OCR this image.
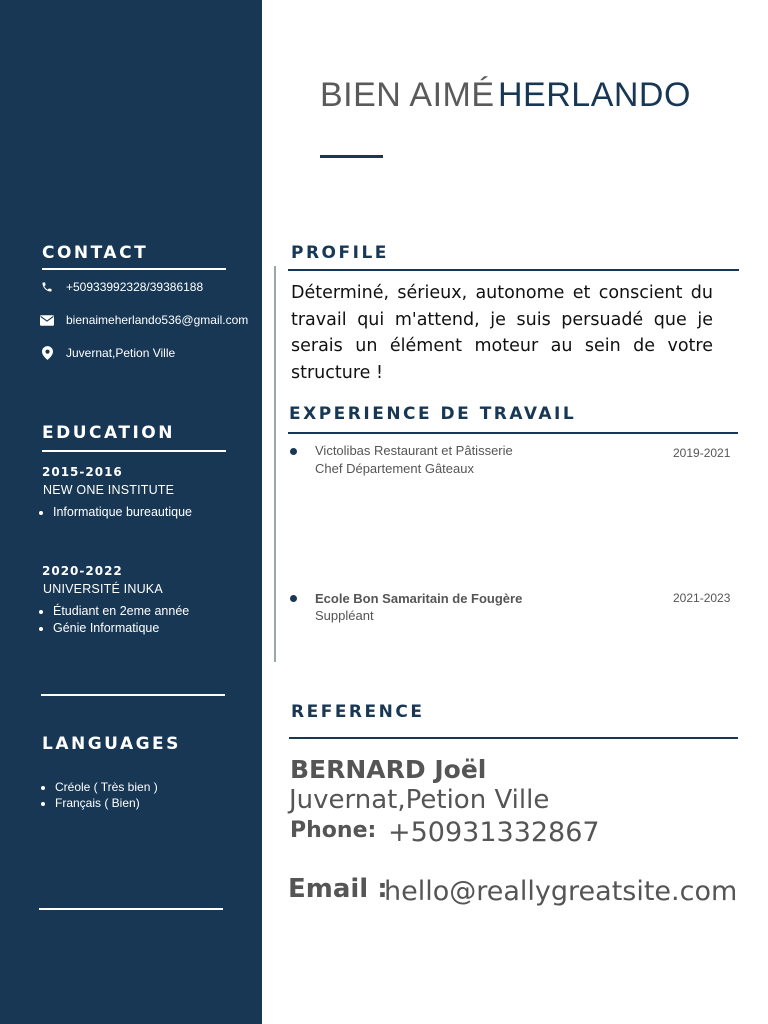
CONTACT
+50933992328/39386188
bienaimeherlando536@gmail.com
Juvernat,Petion Ville
EDUCATION
2015-2016
NEW ONE INSTITUTE
• Informatique bureautique
2020-2022
UNIVERSITÉ INUKA
• Étudiant en 2eme année
• Génie Informatique
LANGUAGES
• Créole ( Très bien )
• Français ( Bien)
BIEN AIMÉ HERLANDO
PROFILE

Déterminé, sérieux, autonome et conscient du travail qui m'attend, je suis persuadé que je serais un élément moteur au sein de votre structure !

EXPERIENCE DE TRAVAIL
Victolibas Restaurant et Pâtisserie
Chef Département Gâteaux
2019-2021
Ecole Bon Samaritain de Fougère
Suppléant
2021-2023
REFERENCE
BERNARD Joël
Juvernat,Petion Ville
Phone: +50931332867
Email :
hello@reallygreatsite.com
